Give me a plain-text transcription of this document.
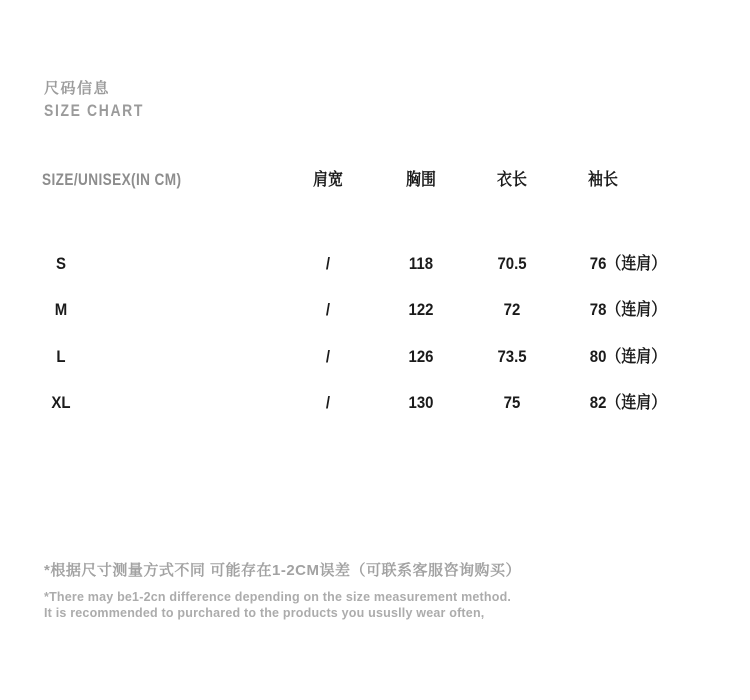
尺码信息
SIZE CHART
SIZE/UNISEX(IN CM)	肩宽	胸围	衣长	袖长
S	/	118	70.5	76（连肩）
M	/	122	72	78（连肩）
L	/	126	73.5	80（连肩）
XL	/	130	75	82（连肩）
*根据尺寸测量方式不同 可能存在1-2CM误差（可联系客服咨询购买）
*There may be1-2cn difference depending on the size measurement method.
It is recommended to purchared to the products you ususlly wear often,
